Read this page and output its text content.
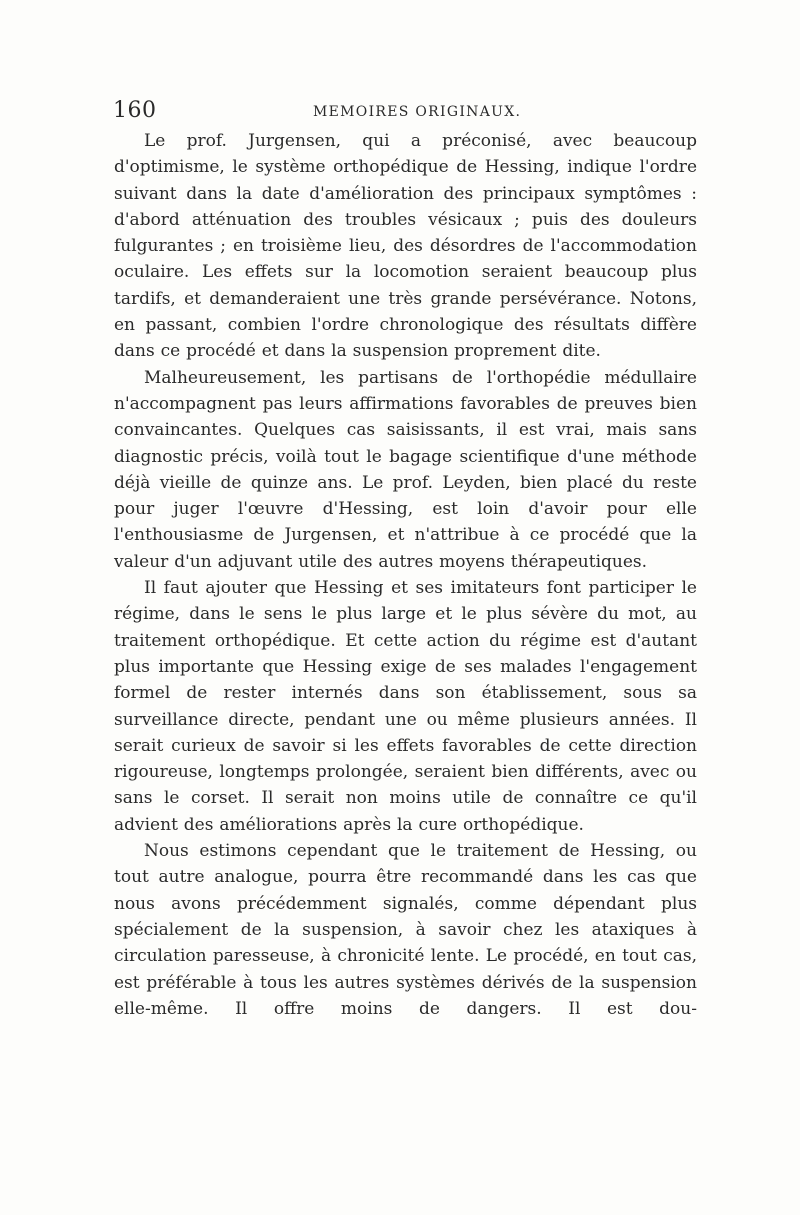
160	MEMOIRES ORIGINAUX.

Le prof. Jurgensen, qui a préconisé, avec beaucoup d'optimisme, le système orthopédique de Hessing, indique l'ordre suivant dans la date d'amélioration des principaux symptômes : d'abord atténuation des troubles vésicaux ; puis des douleurs fulgurantes ; en troisième lieu, des désordres de l'accommodation oculaire. Les effets sur la locomotion seraient beaucoup plus tardifs, et demanderaient une très grande persévérance. Notons, en passant, combien l'ordre chronologique des résultats diffère dans ce procédé et dans la suspension proprement dite.

Malheureusement, les partisans de l'orthopédie médullaire n'accompagnent pas leurs affirmations favorables de preuves bien convaincantes. Quelques cas saisissants, il est vrai, mais sans diagnostic précis, voilà tout le bagage scientifique d'une méthode déjà vieille de quinze ans. Le prof. Leyden, bien placé du reste pour juger l'œuvre d'Hessing, est loin d'avoir pour elle l'enthousiasme de Jurgensen, et n'attribue à ce procédé que la valeur d'un adjuvant utile des autres moyens thérapeutiques.

Il faut ajouter que Hessing et ses imitateurs font participer le régime, dans le sens le plus large et le plus sévère du mot, au traitement orthopédique. Et cette action du régime est d'autant plus importante que Hessing exige de ses malades l'engagement formel de rester internés dans son établissement, sous sa surveillance directe, pendant une ou même plusieurs années. Il serait curieux de savoir si les effets favorables de cette direction rigoureuse, longtemps prolongée, seraient bien différents, avec ou sans le corset. Il serait non moins utile de connaître ce qu'il advient des améliorations après la cure orthopédique.

Nous estimons cependant que le traitement de Hessing, ou tout autre analogue, pourra être recommandé dans les cas que nous avons précédemment signalés, comme dépendant plus spécialement de la suspension, à savoir chez les ataxiques à circulation paresseuse, à chronicité lente. Le procédé, en tout cas, est préférable à tous les autres systèmes dérivés de la suspension elle-même. Il offre moins de dangers. Il est dou-
